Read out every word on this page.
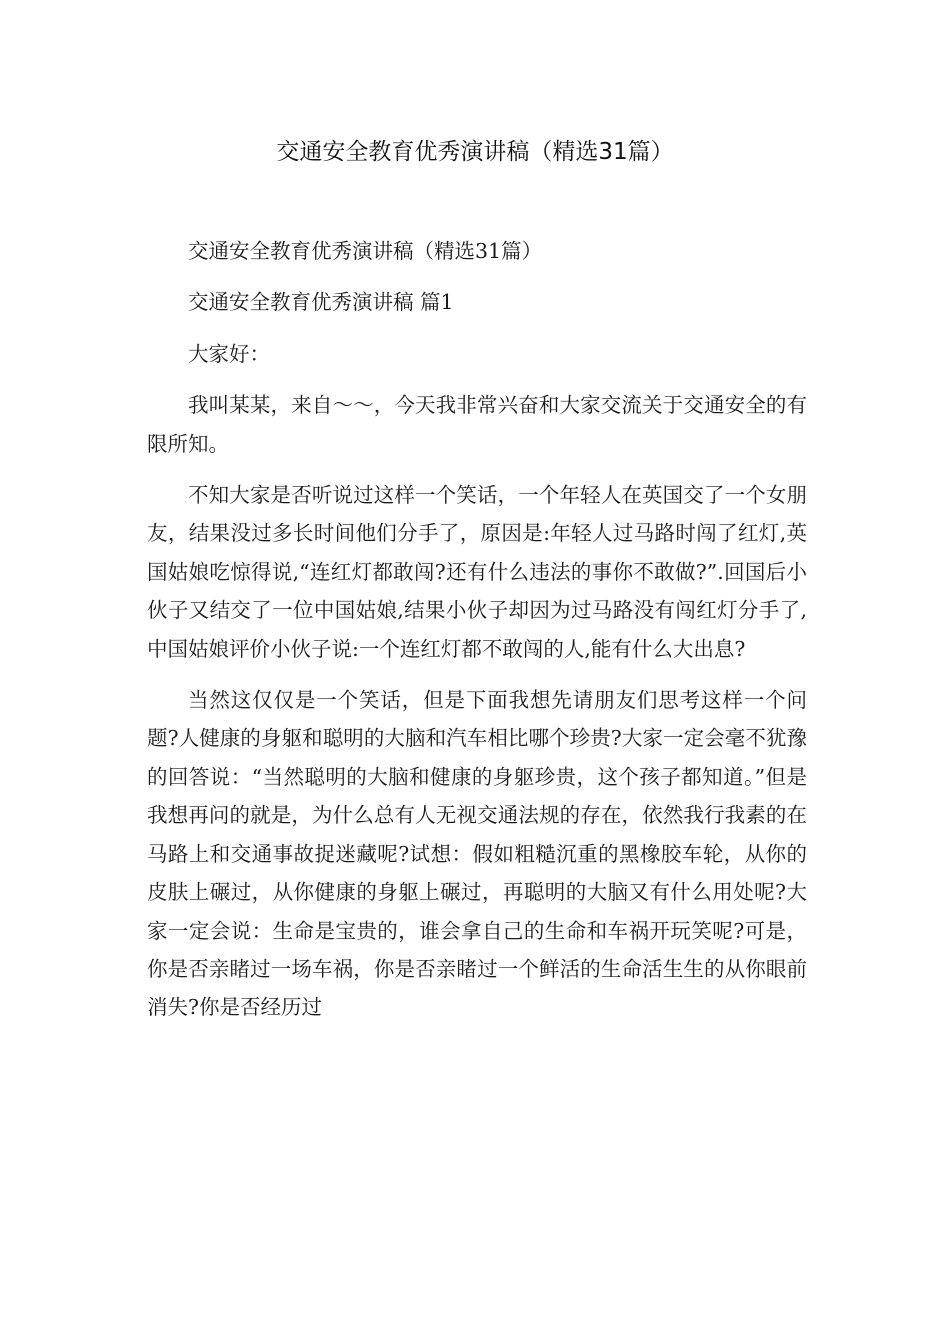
交通安全教育优秀演讲稿（精选31篇）

交通安全教育优秀演讲稿（精选31篇）

交通安全教育优秀演讲稿 篇1

大家好：

我叫某某，来自～～，今天我非常兴奋和大家交流关于交通安全的有限所知。

不知大家是否听说过这样一个笑话，一个年轻人在英国交了一个女朋友，结果没过多长时间他们分手了，原因是:年轻人过马路时闯了红灯,英国姑娘吃惊得说,“连红灯都敢闯?还有什么违法的事你不敢做?”.回国后小伙子又结交了一位中国姑娘,结果小伙子却因为过马路没有闯红灯分手了,中国姑娘评价小伙子说:一个连红灯都不敢闯的人,能有什么大出息?

当然这仅仅是一个笑话，但是下面我想先请朋友们思考这样一个问题?人健康的身躯和聪明的大脑和汽车相比哪个珍贵?大家一定会毫不犹豫的回答说：“当然聪明的大脑和健康的身躯珍贵，这个孩子都知道。”但是我想再问的就是，为什么总有人无视交通法规的存在，依然我行我素的在马路上和交通事故捉迷藏呢?试想：假如粗糙沉重的黑橡胶车轮，从你的皮肤上碾过，从你健康的身躯上碾过，再聪明的大脑又有什么用处呢?大家一定会说：生命是宝贵的，谁会拿自己的生命和车祸开玩笑呢?可是，你是否亲睹过一场车祸，你是否亲睹过一个鲜活的生命活生生的从你眼前消失?你是否经历过
